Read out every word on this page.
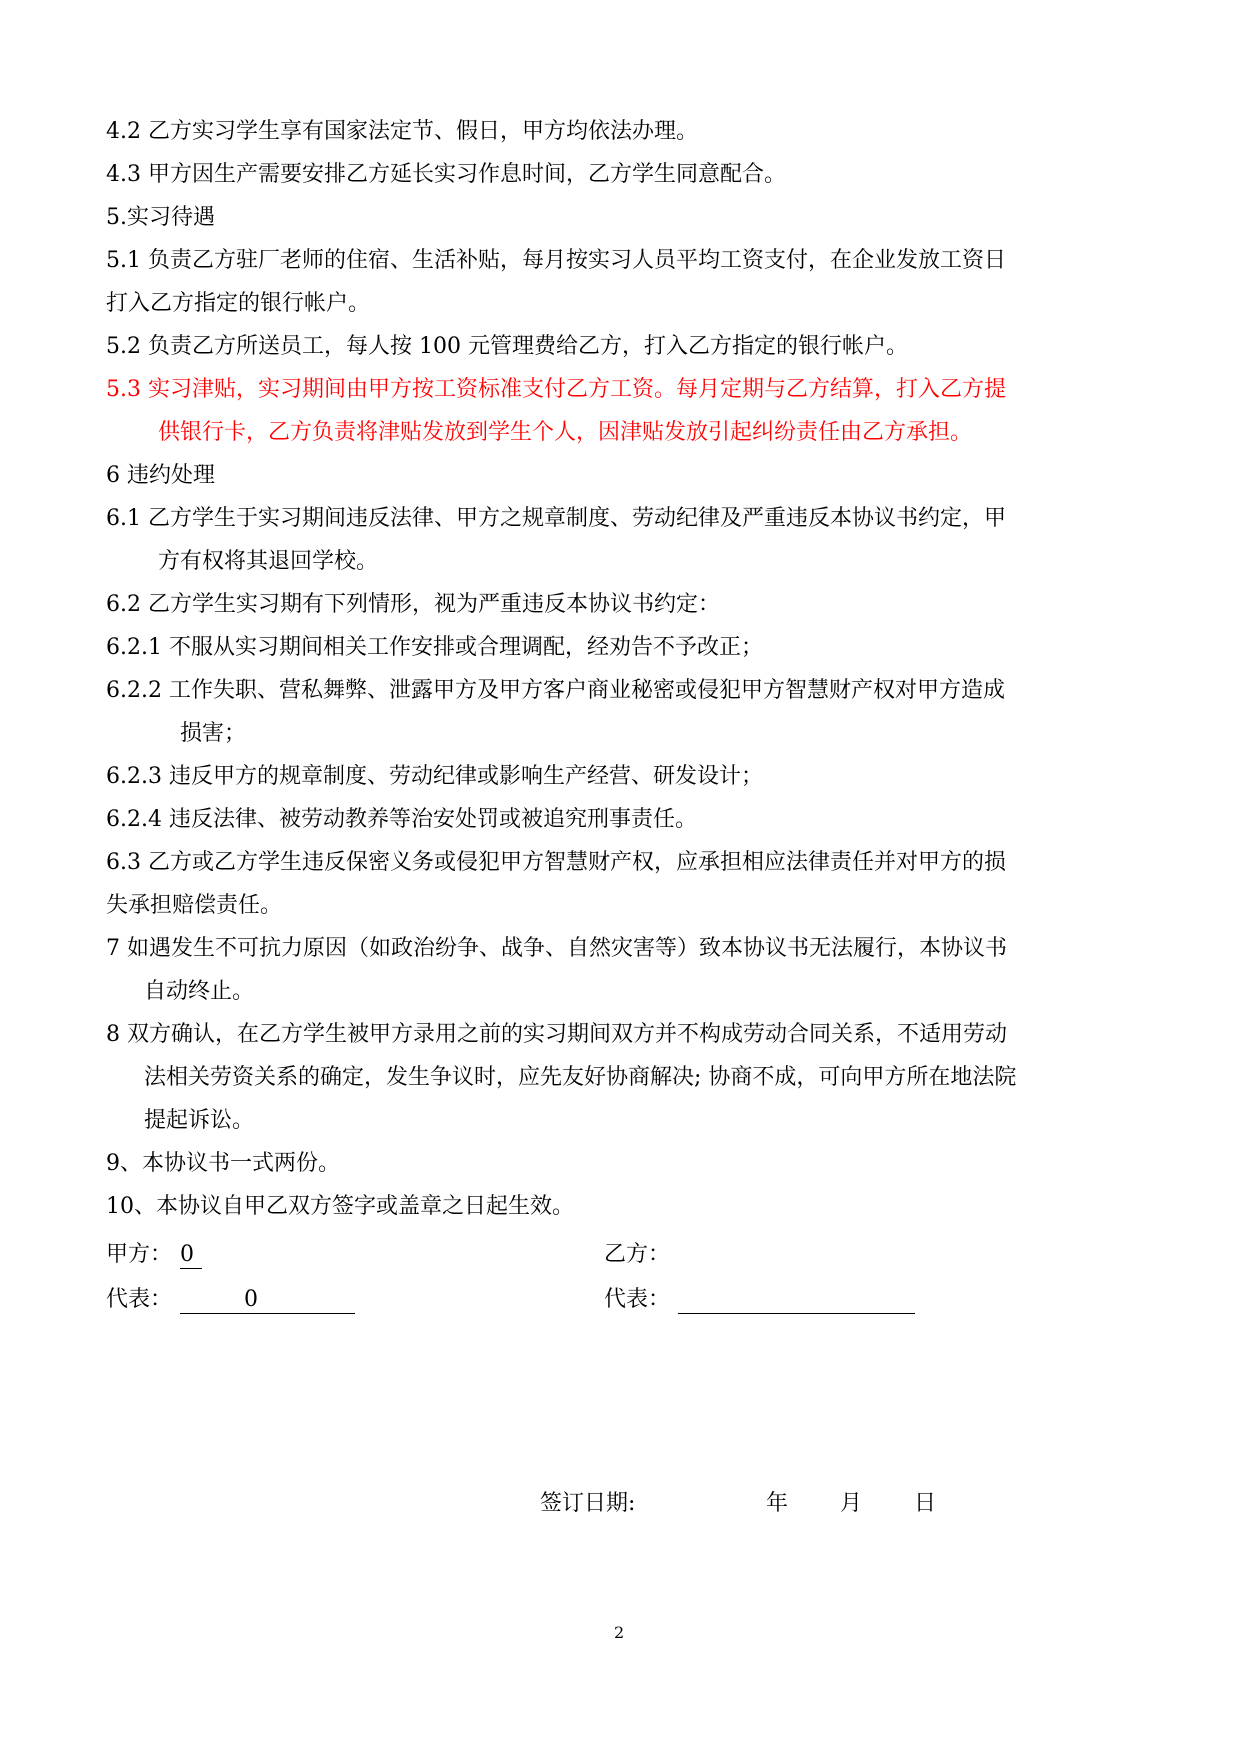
4.2 乙方实习学生享有国家法定节、假日，甲方均依法办理。
4.3 甲方因生产需要安排乙方延长实习作息时间，乙方学生同意配合。
5.实习待遇
5.1 负责乙方驻厂老师的住宿、生活补贴，每月按实习人员平均工资支付，在企业发放工资日
打入乙方指定的银行帐户。
5.2 负责乙方所送员工，每人按 100 元管理费给乙方，打入乙方指定的银行帐户。
5.3 实习津贴，实习期间由甲方按工资标准支付乙方工资。每月定期与乙方结算，打入乙方提
供银行卡，乙方负责将津贴发放到学生个人，因津贴发放引起纠纷责任由乙方承担。
6 违约处理
6.1 乙方学生于实习期间违反法律、甲方之规章制度、劳动纪律及严重违反本协议书约定，甲
方有权将其退回学校。
6.2 乙方学生实习期有下列情形，视为严重违反本协议书约定：
6.2.1 不服从实习期间相关工作安排或合理调配，经劝告不予改正；
6.2.2 工作失职、营私舞弊、泄露甲方及甲方客户商业秘密或侵犯甲方智慧财产权对甲方造成
损害；
6.2.3 违反甲方的规章制度、劳动纪律或影响生产经营、研发设计；
6.2.4 违反法律、被劳动教养等治安处罚或被追究刑事责任。
6.3 乙方或乙方学生违反保密义务或侵犯甲方智慧财产权，应承担相应法律责任并对甲方的损
失承担赔偿责任。
7 如遇发生不可抗力原因（如政治纷争、战争、自然灾害等）致本协议书无法履行，本协议书
自动终止。
8 双方确认，在乙方学生被甲方录用之前的实习期间双方并不构成劳动合同关系，不适用劳动
法相关劳资关系的确定，发生争议时，应先友好协商解决; 协商不成，可向甲方所在地法院
提起诉讼。
9、本协议书一式两份。
10、本协议自甲乙双方签字或盖章之日起生效。
甲方： 0	乙方：
代表：	0	代表：
签订日期:	年 月 日
2
